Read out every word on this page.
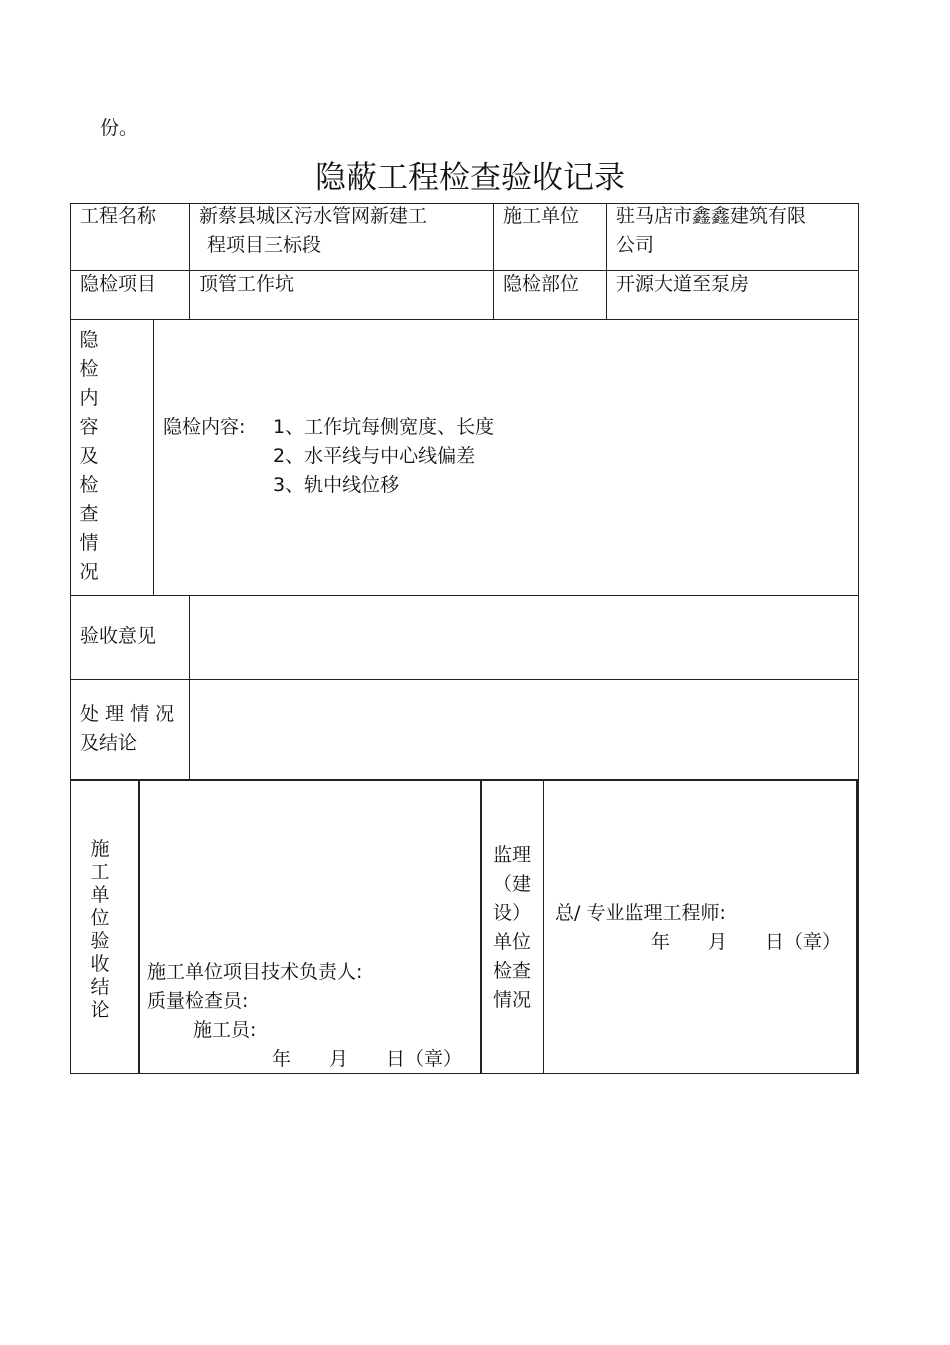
份。
隐蔽工程检查验收记录
工程名称 新蔡县城区污水管网新建工
程项目三标段
施工单位 驻马店市鑫鑫建筑有限
公司
隐检项目 顶管工作坑	隐检部位 开源大道至泵房
隐
检
内
容
及
检
查
情
况
隐检内容: 1、工作坑每侧宽度、长度
2、水平线与中心线偏差
3、轨中线位移
验收意见
处 理 情 况
及结论
施
工
单
位
验
收
结
论
施工单位项目技术负责人:
质量检查员:
施工员:
年　　月　　日（章）
监理
（建
设）
单位
检查
情况
总/ 专业监理工程师:
年　　月　　日（章）
